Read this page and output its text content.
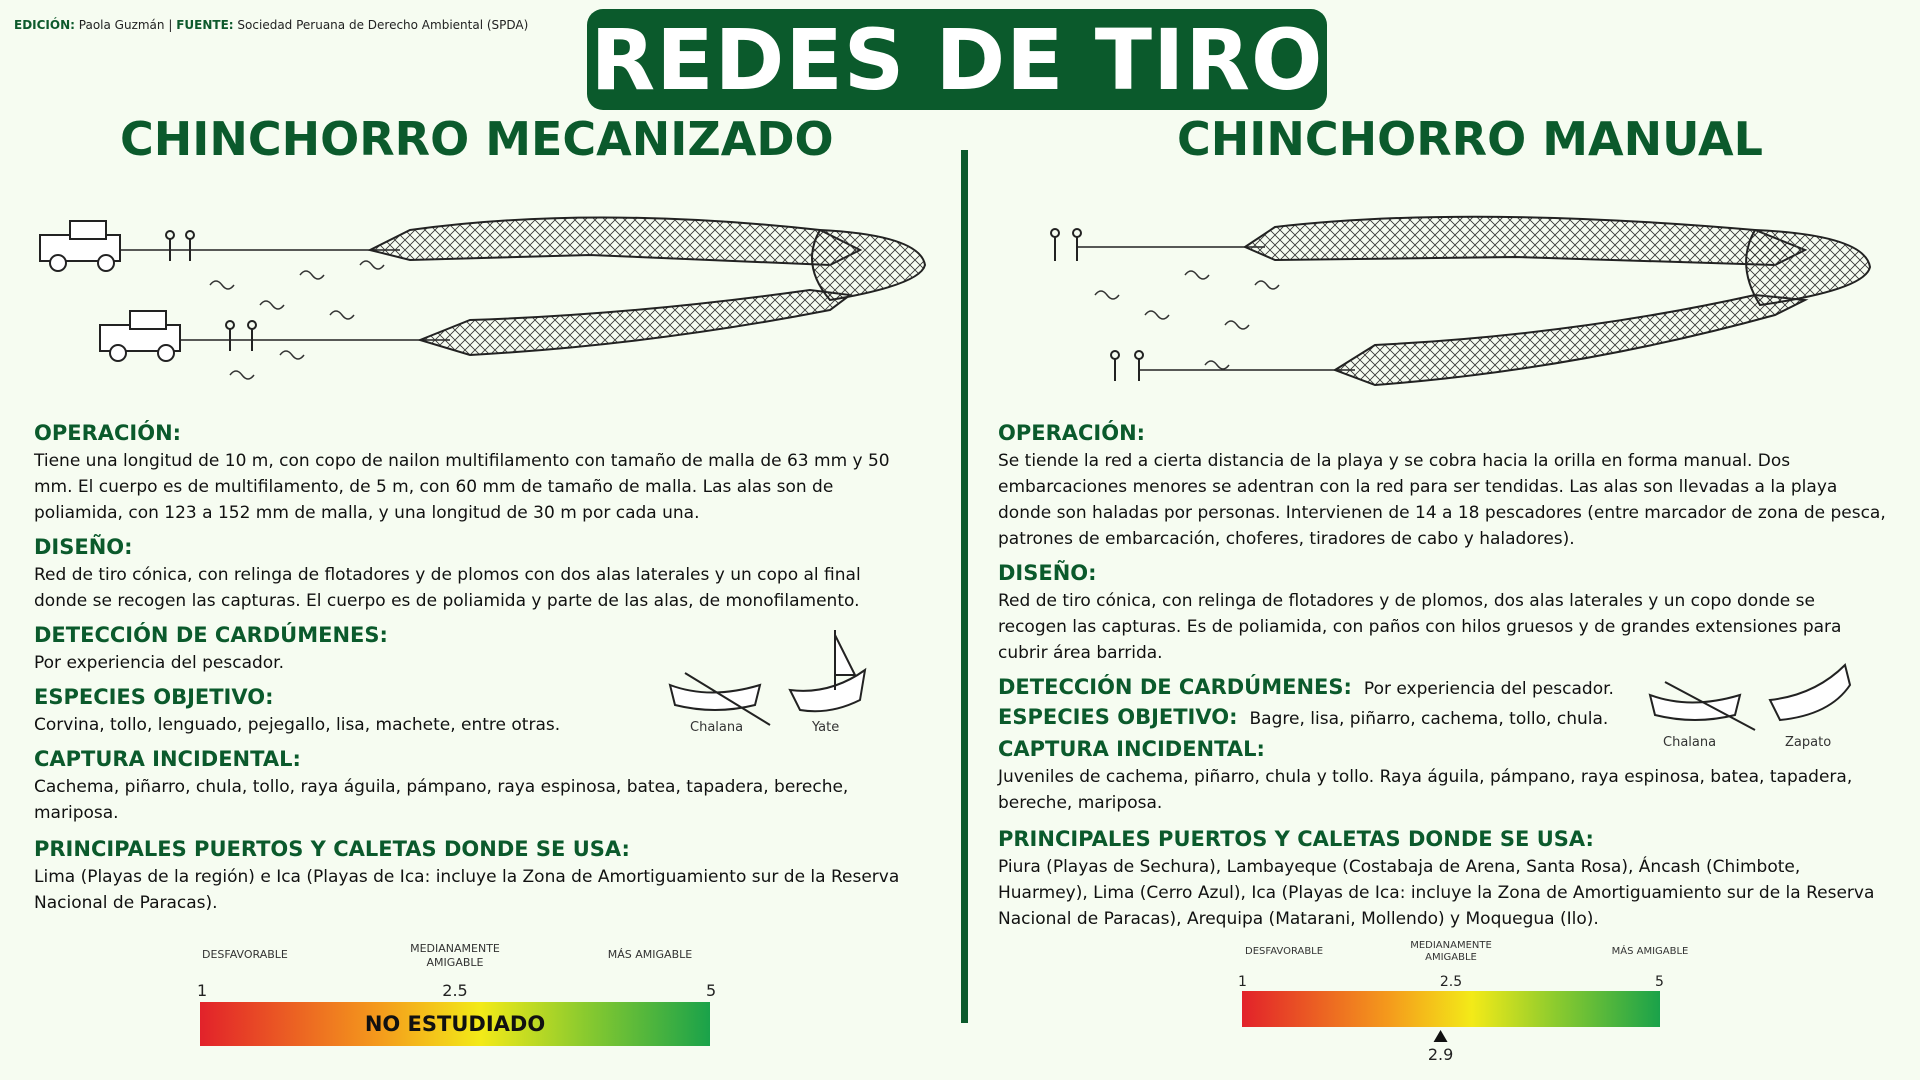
EDICIÓN: Paola Guzmán | FUENTE: Sociedad Peruana de Derecho Ambiental (SPDA) REDES DE TIRO
CHINCHORRO MECANIZADO	CHINCHORRO MANUAL

OPERACIÓN:

Tiene una longitud de 10 m, con copo de nailon multifilamento con tamaño de malla de 63 mm y 50 mm. El cuerpo es de multifilamento, de 5 m, con 60 mm de tamaño de malla. Las alas son de poliamida, con 123 a 152 mm de malla, y una longitud de 30 m por cada una.

DISEÑO:

Red de tiro cónica, con relinga de flotadores y de plomos con dos alas laterales y un copo al final donde se recogen las capturas. El cuerpo es de poliamida y parte de las alas, de monofilamento.

DETECCIÓN DE CARDÚMENES:

Por experiencia del pescador.

ESPECIES OBJETIVO:

Corvina, tollo, lenguado, pejegallo, lisa, machete, entre otras.

CAPTURA INCIDENTAL:

Cachema, piñarro, chula, tollo, raya águila, pámpano, raya espinosa, batea, tapadera, bereche, mariposa.

PRINCIPALES PUERTOS Y CALETAS DONDE SE USA:

Lima (Playas de la región) e Ica (Playas de Ica: incluye la Zona de Amortiguamiento sur de la Reserva Nacional de Paracas).

Chalana	Yate
DESFAVORABLE	MEDIANAMENTE
AMIGABLE
MÁS AMIGABLE
1	2.5	5
NO ESTUDIADO

OPERACIÓN:

Se tiende la red a cierta distancia de la playa y se cobra hacia la orilla en forma manual. Dos embarcaciones menores se adentran con la red para ser tendidas. Las alas son llevadas a la playa donde son haladas por personas. Intervienen de 14 a 18 pescadores (entre marcador de zona de pesca, patrones de embarcación, choferes, tiradores de cabo y haladores).

DISEÑO:

Red de tiro cónica, con relinga de flotadores y de plomos, dos alas laterales y un copo donde se recogen las capturas. Es de poliamida, con paños con hilos gruesos y de grandes extensiones para cubrir área barrida.

DETECCIÓN DE CARDÚMENES: Por experiencia del pescador.

ESPECIES OBJETIVO: Bagre, lisa, piñarro, cachema, tollo, chula.

CAPTURA INCIDENTAL:

Juveniles de cachema, piñarro, chula y tollo. Raya águila, pámpano, raya espinosa, batea, tapadera, bereche, mariposa.

PRINCIPALES PUERTOS Y CALETAS DONDE SE USA:

Piura (Playas de Sechura), Lambayeque (Costabaja de Arena, Santa Rosa), Áncash (Chimbote, Huarmey), Lima (Cerro Azul), Ica (Playas de Ica: incluye la Zona de Amortiguamiento sur de la Reserva Nacional de Paracas), Arequipa (Matarani, Mollendo) y Moquegua (Ilo).

Chalana	Zapato
DESFAVORABLE
MEDIANAMENTE
AMIGABLE
MÁS AMIGABLE
1	2.5	5
2.9
